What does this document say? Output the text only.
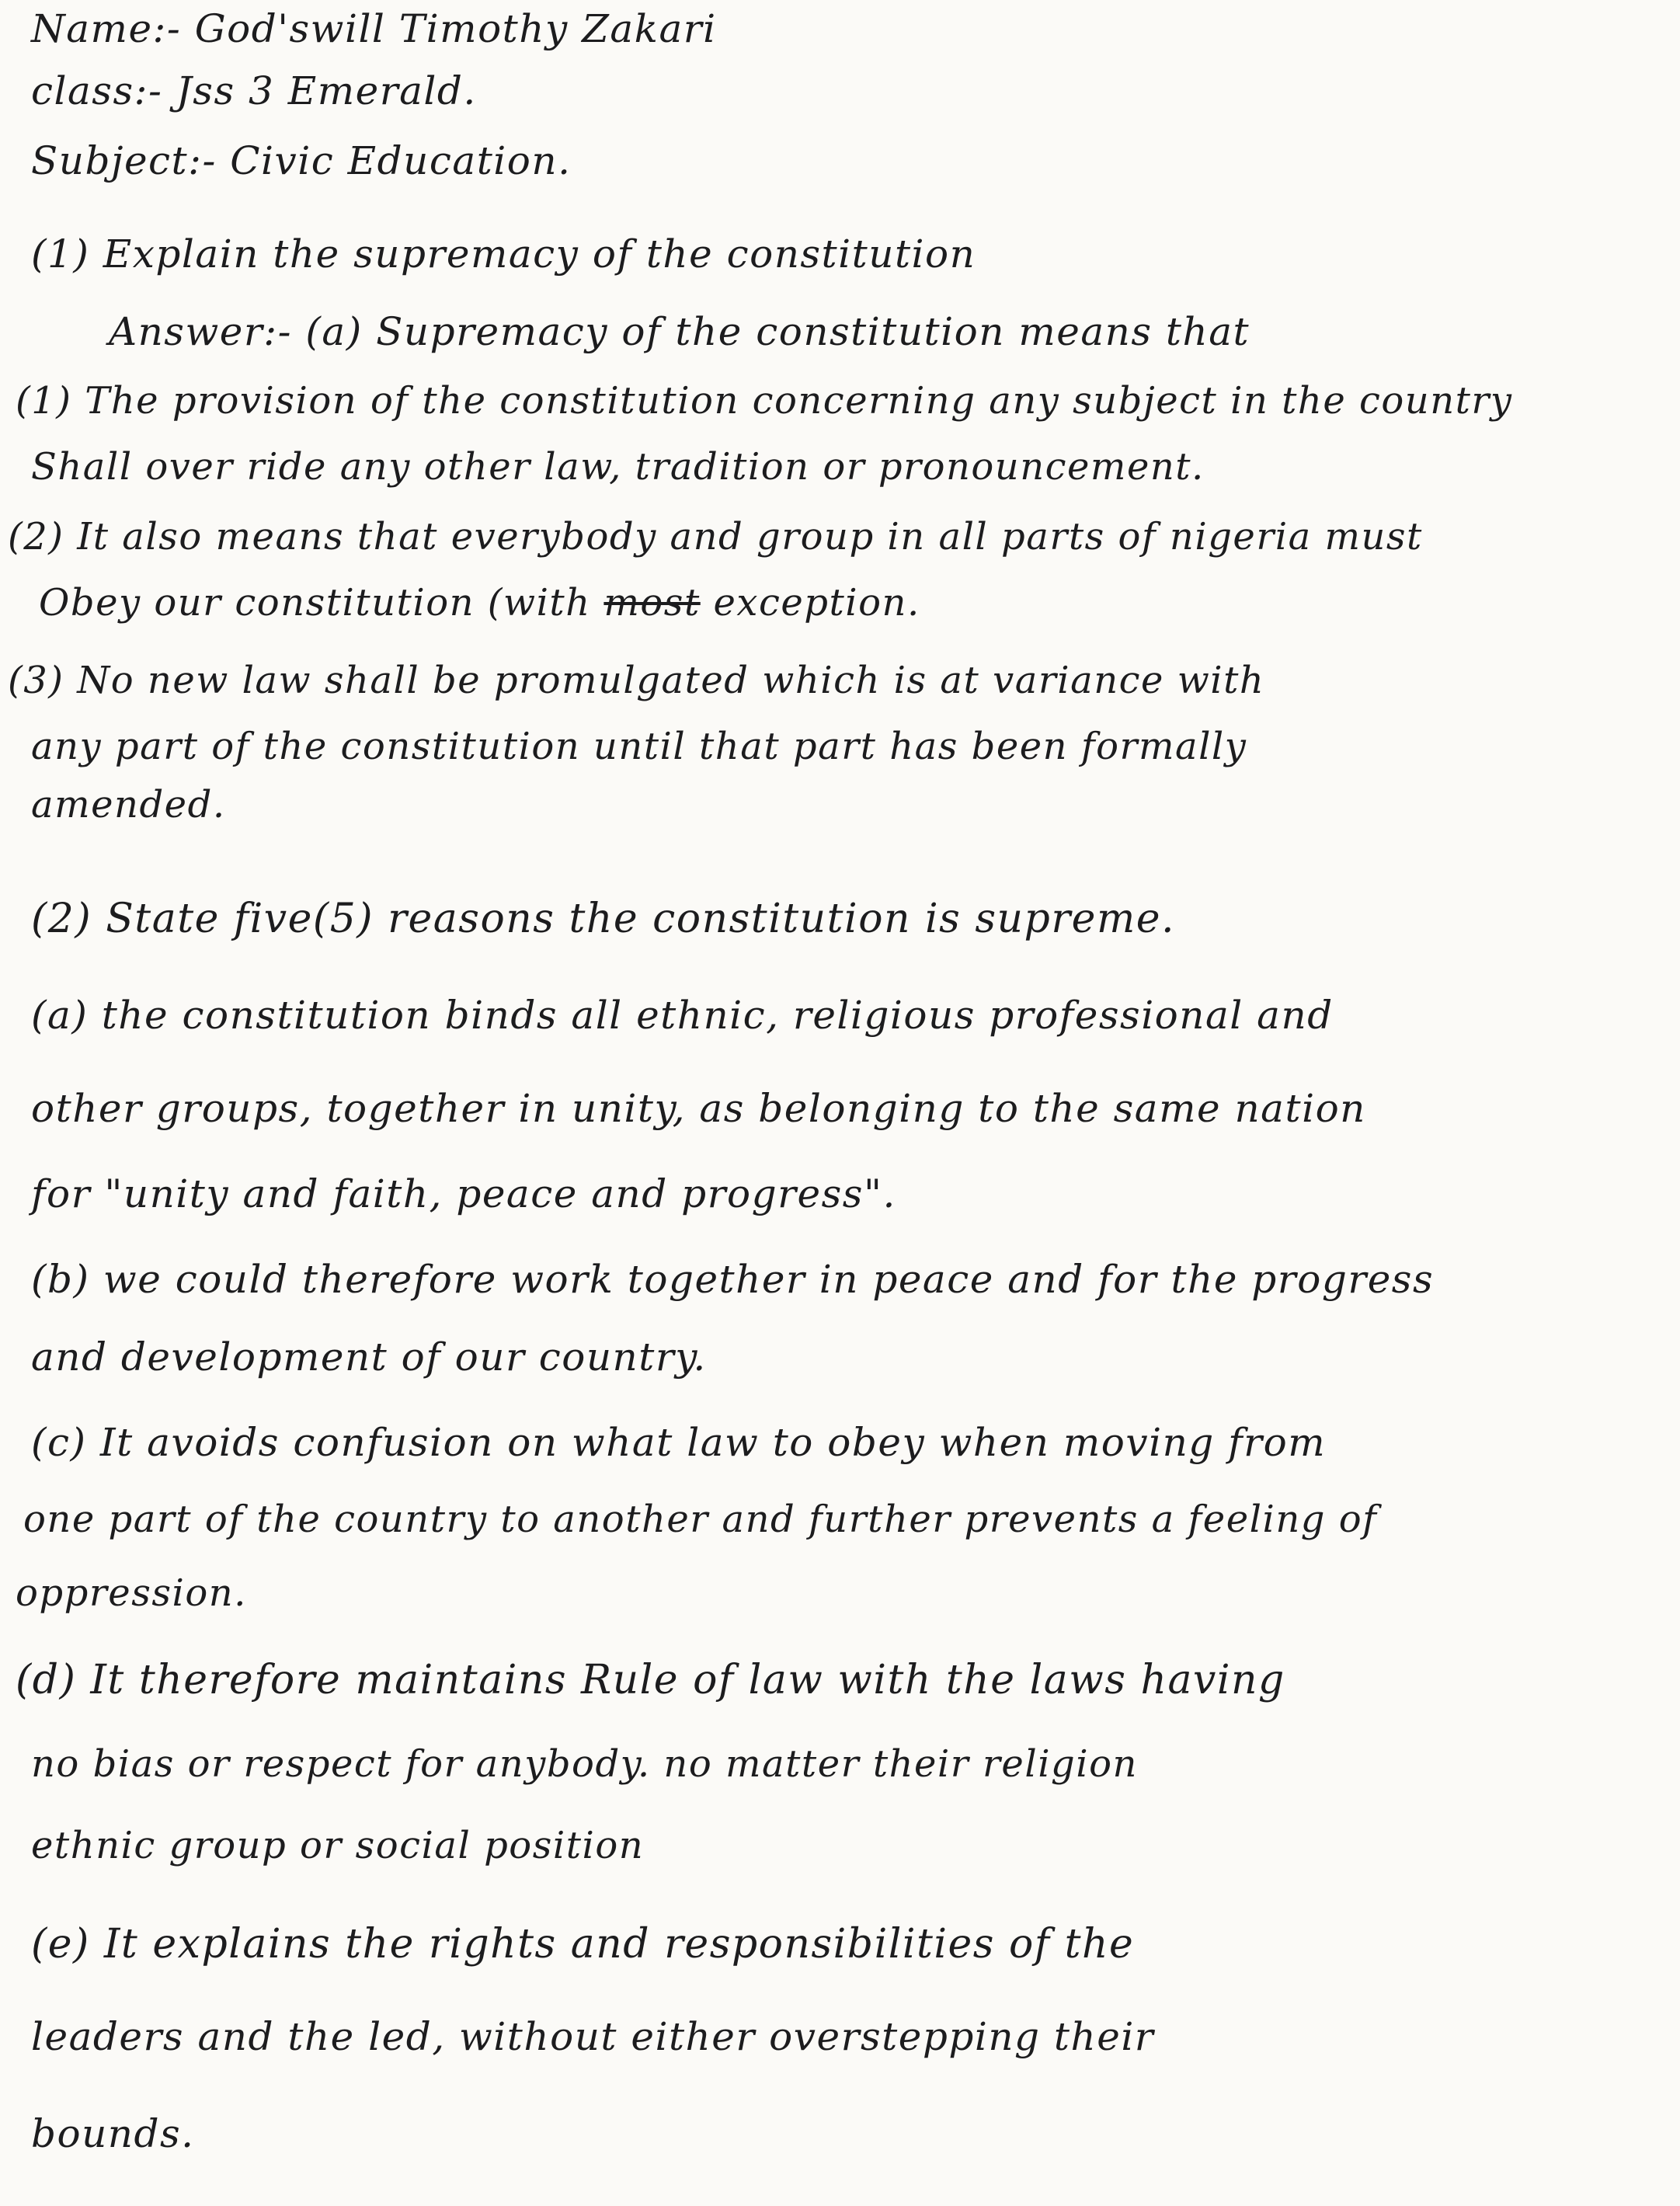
Name:- God'swill Timothy Zakari
class:- Jss 3 Emerald.
Subject:- Civic Education.
(1) Explain the supremacy of the constitution
Answer:- (a) Supremacy of the constitution means that
(1) The provision of the constitution concerning any subject in the country
Shall over ride any other law, tradition or pronouncement.
(2) It also means that everybody and group in all parts of nigeria must
Obey our constitution (with most exception.
(3) No new law shall be promulgated which is at variance with
any part of the constitution until that part has been formally
amended.
(2) State five(5) reasons the constitution is supreme.
(a) the constitution binds all ethnic, religious professional and
other groups, together in unity, as belonging to the same nation
for "unity and faith, peace and progress".
(b) we could therefore work together in peace and for the progress
and development of our country.
(c) It avoids confusion on what law to obey when moving from
one part of the country to another and further prevents a feeling of
oppression.
(d) It therefore maintains Rule of law with the laws having
no bias or respect for anybody. no matter their religion
ethnic group or social position
(e) It explains the rights and responsibilities of the
leaders and the led, without either overstepping their
bounds.
